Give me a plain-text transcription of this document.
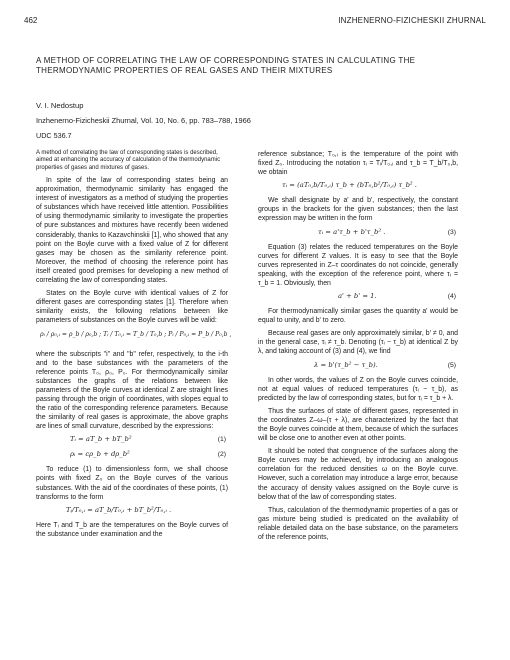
462	INZHENERNO-FIZICHESKII ZHURNAL
A METHOD OF CORRELATING THE LAW OF CORRESPONDING STATES IN CALCULATING THE THERMODYNAMIC PROPERTIES OF REAL GASES AND THEIR MIXTURES
V. I. Nedostup
Inzhenerno-Fizicheskii Zhurnal, Vol. 10, No. 6, pp. 783–788, 1966
UDC 536.7
A method of correlating the law of corresponding states is described, aimed at enhancing the accuracy of calculation of the thermodynamic properties of gases and mixtures of gases.

In spite of the law of corresponding states being an approximation, thermodynamic similarity has engaged the interest of investigators as a method of studying the properties of substances which have received little attention. Possibilities of using thermodynamic similarity to investigate the properties of pure substances and mixtures have recently been widened considerably, thanks to Kazavchinskii [1], who showed that any point on the Boyle curve with a fixed value of Z for different gases may be chosen as the similarity reference point. Moreover, the method of choosing the reference point has itself created good premises for developing a new method of correlating the law of corresponding states.

States on the Boyle curve with identical values of Z for different gases are corresponding states [1]. Therefore when similarity exists, the following relations between like parameters of substances on the Boyle curves will be valid:

ρᵢ / ρ₀,ᵢ = ρ_b / ρ₀,b ; Tᵢ / T₀,ᵢ = T_b / T₀,b ; Pᵢ / P₀,ᵢ = P_b / P₀,b ,

where the subscripts "i" and "b" refer, respectively, to the i-th and to the base substances with the parameters of the reference points T₀, ρ₀, P₀. For thermodynamically similar substances the graphs of the relations between like parameters of the Boyle curves at identical Z are straight lines passing through the origin of coordinates, with slopes equal to the ratio of the corresponding reference parameters. Because the similarity of real gases is approximate, the above graphs are lines of small curvature, described by the expressions:

Tᵢ = aT_b + bT_b²	(1)
ρᵢ = cρ_b + dρ_b²	(2)

To reduce (1) to dimensionless form, we shall choose points with fixed Z₀ on the Boyle curves of the various substances. With the aid of the coordinates of these points, (1) transforms to the form

Tᵢ/T₀,ᵢ = aT_b/T₀,ᵢ + bT_b²/T₀,ᵢ .

Here Tᵢ and T_b are the temperatures on the Boyle curves of the substance under examination and the

reference substance; T₀,ᵢ is the temperature of the point with fixed Z₀. Introducing the notation τᵢ = Tᵢ/T₀,ᵢ and τ_b = T_b/T₀,b, we obtain

τᵢ = (aT₀,b/T₀,ᵢ) τ_b + (bT₀,b²/T₀,ᵢ) τ_b² .

We shall designate by a' and b', respectively, the constant groups in the brackets for the given substances; then the last expression may be written in the form

τᵢ = a'τ_b + b'τ_b² .	(3)

Equation (3) relates the reduced temperatures on the Boyle curves for different Z values. It is easy to see that the Boyle curves represented in Z–τ coordinates do not coincide, generally speaking, with the exception of the reference point, where τᵢ = τ_b = 1. Obviously, then

a' + b' = 1.	(4)

For thermodynamically similar gases the quantity a' would be equal to unity, and b' to zero.

Because real gases are only approximately similar, b' ≠ 0, and in the general case, τᵢ ≠ τ_b. Denoting (τᵢ − τ_b) at identical Z by λ, and taking account of (3) and (4), we find

λ = b'(τ_b² − τ_b).	(5)

In other words, the values of Z on the Boyle curves coincide, not at equal values of reduced temperatures (τᵢ − τ_b), as predicted by the law of corresponding states, but for τᵢ = τ_b + λ.

Thus the surfaces of state of different gases, represented in the coordinates Z–ω–(τ + λ), are characterized by the fact that the Boyle curves coincide at them, because of which the surfaces will be close one to another even at other points.

It should be noted that congruence of the surfaces along the Boyle curves may be achieved, by introducing an analogous correlation for the reduced densities ω on the Boyle curve. However, such a correlation may introduce a large error, because the accuracy of density values assigned on the Boyle curve is below that of the law of corresponding states.

Thus, calculation of the thermodynamic properties of a gas or gas mixture being studied is predicated on the availability of reliable detailed data on the base substance, on the parameters of the reference points,
